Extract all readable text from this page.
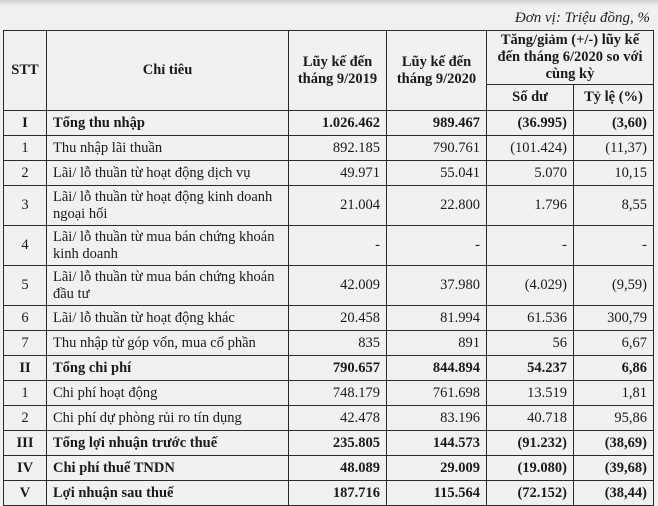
Đơn vị: Triệu đồng, %
STT	Chỉ tiêu	Lũy kế đến tháng 9/2019	Lũy kế đến tháng 9/2020	Tăng/giảm (+/-) lũy kế đến tháng 6/2020 so với cùng kỳ	
				Số dư	Tỷ lệ (%)
I	Tổng thu nhập	1.026.462	989.467	(36.995)	(3,60)
1	Thu nhập lãi thuần	892.185	790.761	(101.424)	(11,37)
2	Lãi/ lỗ thuần từ hoạt động dịch vụ	49.971	55.041	5.070	10,15
3	Lãi/ lỗ thuần từ hoạt động kinh doanh ngoại hối	21.004	22.800	1.796	8,55
4	Lãi/ lỗ thuần từ mua bán chứng khoán kinh doanh	-	-	-	-
5	Lãi/ lỗ thuần từ mua bán chứng khoán đầu tư	42.009	37.980	(4.029)	(9,59)
6	Lãi/ lỗ thuần từ hoạt động khác	20.458	81.994	61.536	300,79
7	Thu nhập từ góp vốn, mua cổ phần	835	891	56	6,67
II	Tổng chi phí	790.657	844.894	54.237	6,86
1	Chi phí hoạt động	748.179	761.698	13.519	1,81
2	Chi phí dự phòng rủi ro tín dụng	42.478	83.196	40.718	95,86
III	Tổng lợi nhuận trước thuế	235.805	144.573	(91.232)	(38,69)
IV	Chi phí thuế TNDN	48.089	29.009	(19.080)	(39,68)
V	Lợi nhuận sau thuế	187.716	115.564	(72.152)	(38,44)
